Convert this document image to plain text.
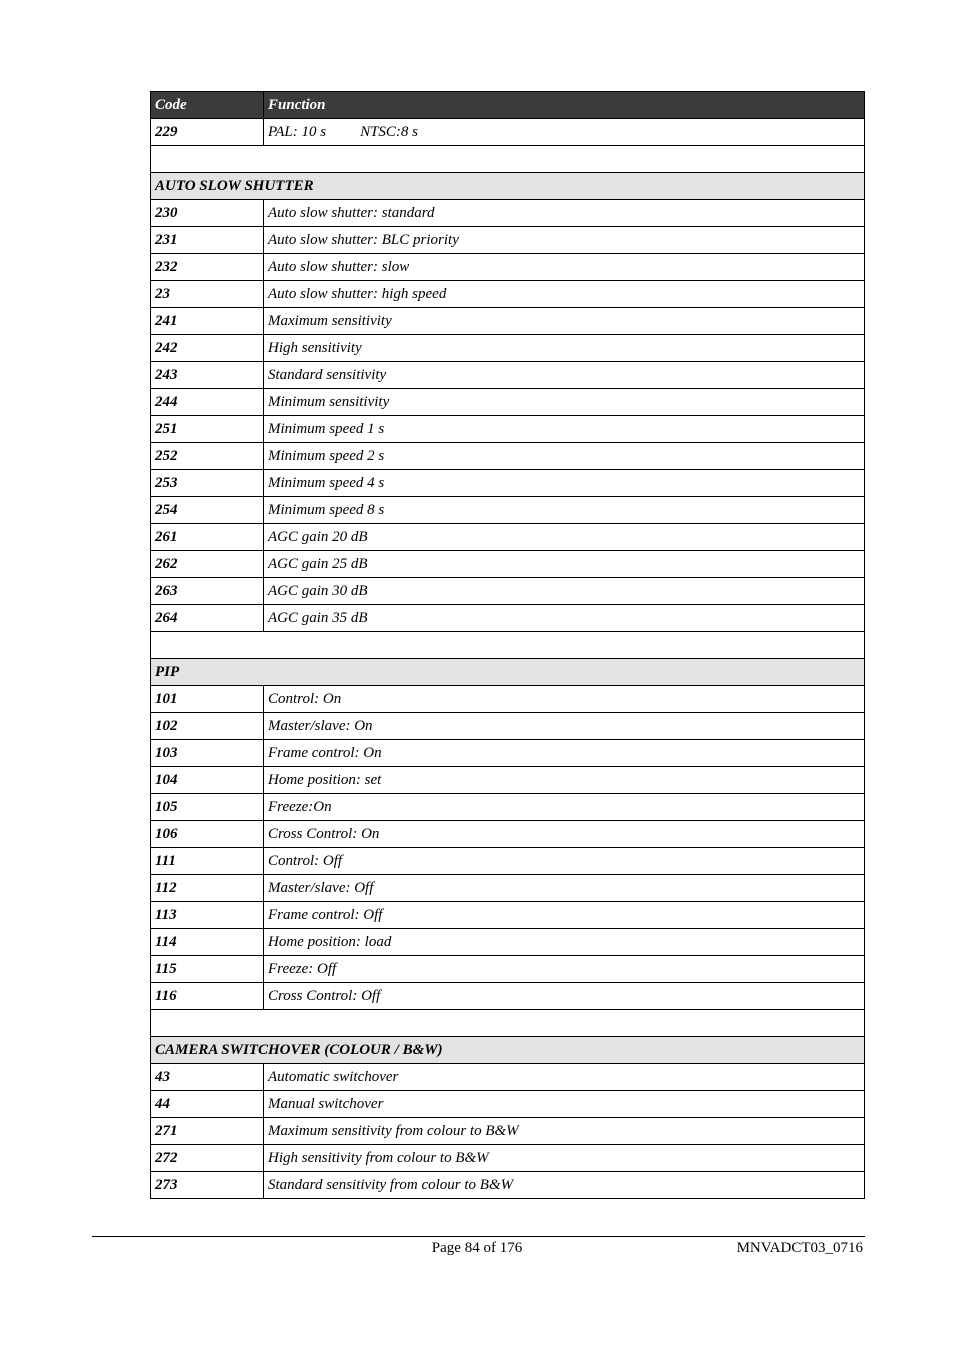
Code	Function
229	PAL: 10 s NTSC:8 s

AUTO SLOW SHUTTER	
230	Auto slow shutter: standard
231	Auto slow shutter: BLC priority
232	Auto slow shutter: slow
23	Auto slow shutter: high speed
241	Maximum sensitivity
242	High sensitivity
243	Standard sensitivity
244	Minimum sensitivity
251	Minimum speed 1 s
252	Minimum speed 2 s
253	Minimum speed 4 s
254	Minimum speed 8 s
261	AGC gain 20 dB
262	AGC gain 25 dB
263	AGC gain 30 dB
264	AGC gain 35 dB

PIP	
101	Control: On
102	Master/slave: On
103	Frame control: On
104	Home position: set
105	Freeze:On
106	Cross Control: On
111	Control: Off
112	Master/slave: Off
113	Frame control: Off
114	Home position: load
115	Freeze: Off
116	Cross Control: Off

CAMERA SWITCHOVER (COLOUR / B&W)	
43	Automatic switchover
44	Manual switchover
271	Maximum sensitivity from colour to B&W
272	High sensitivity from colour to B&W
273	Standard sensitivity from colour to B&W
Page 84 of 176	MNVADCT03_0716
